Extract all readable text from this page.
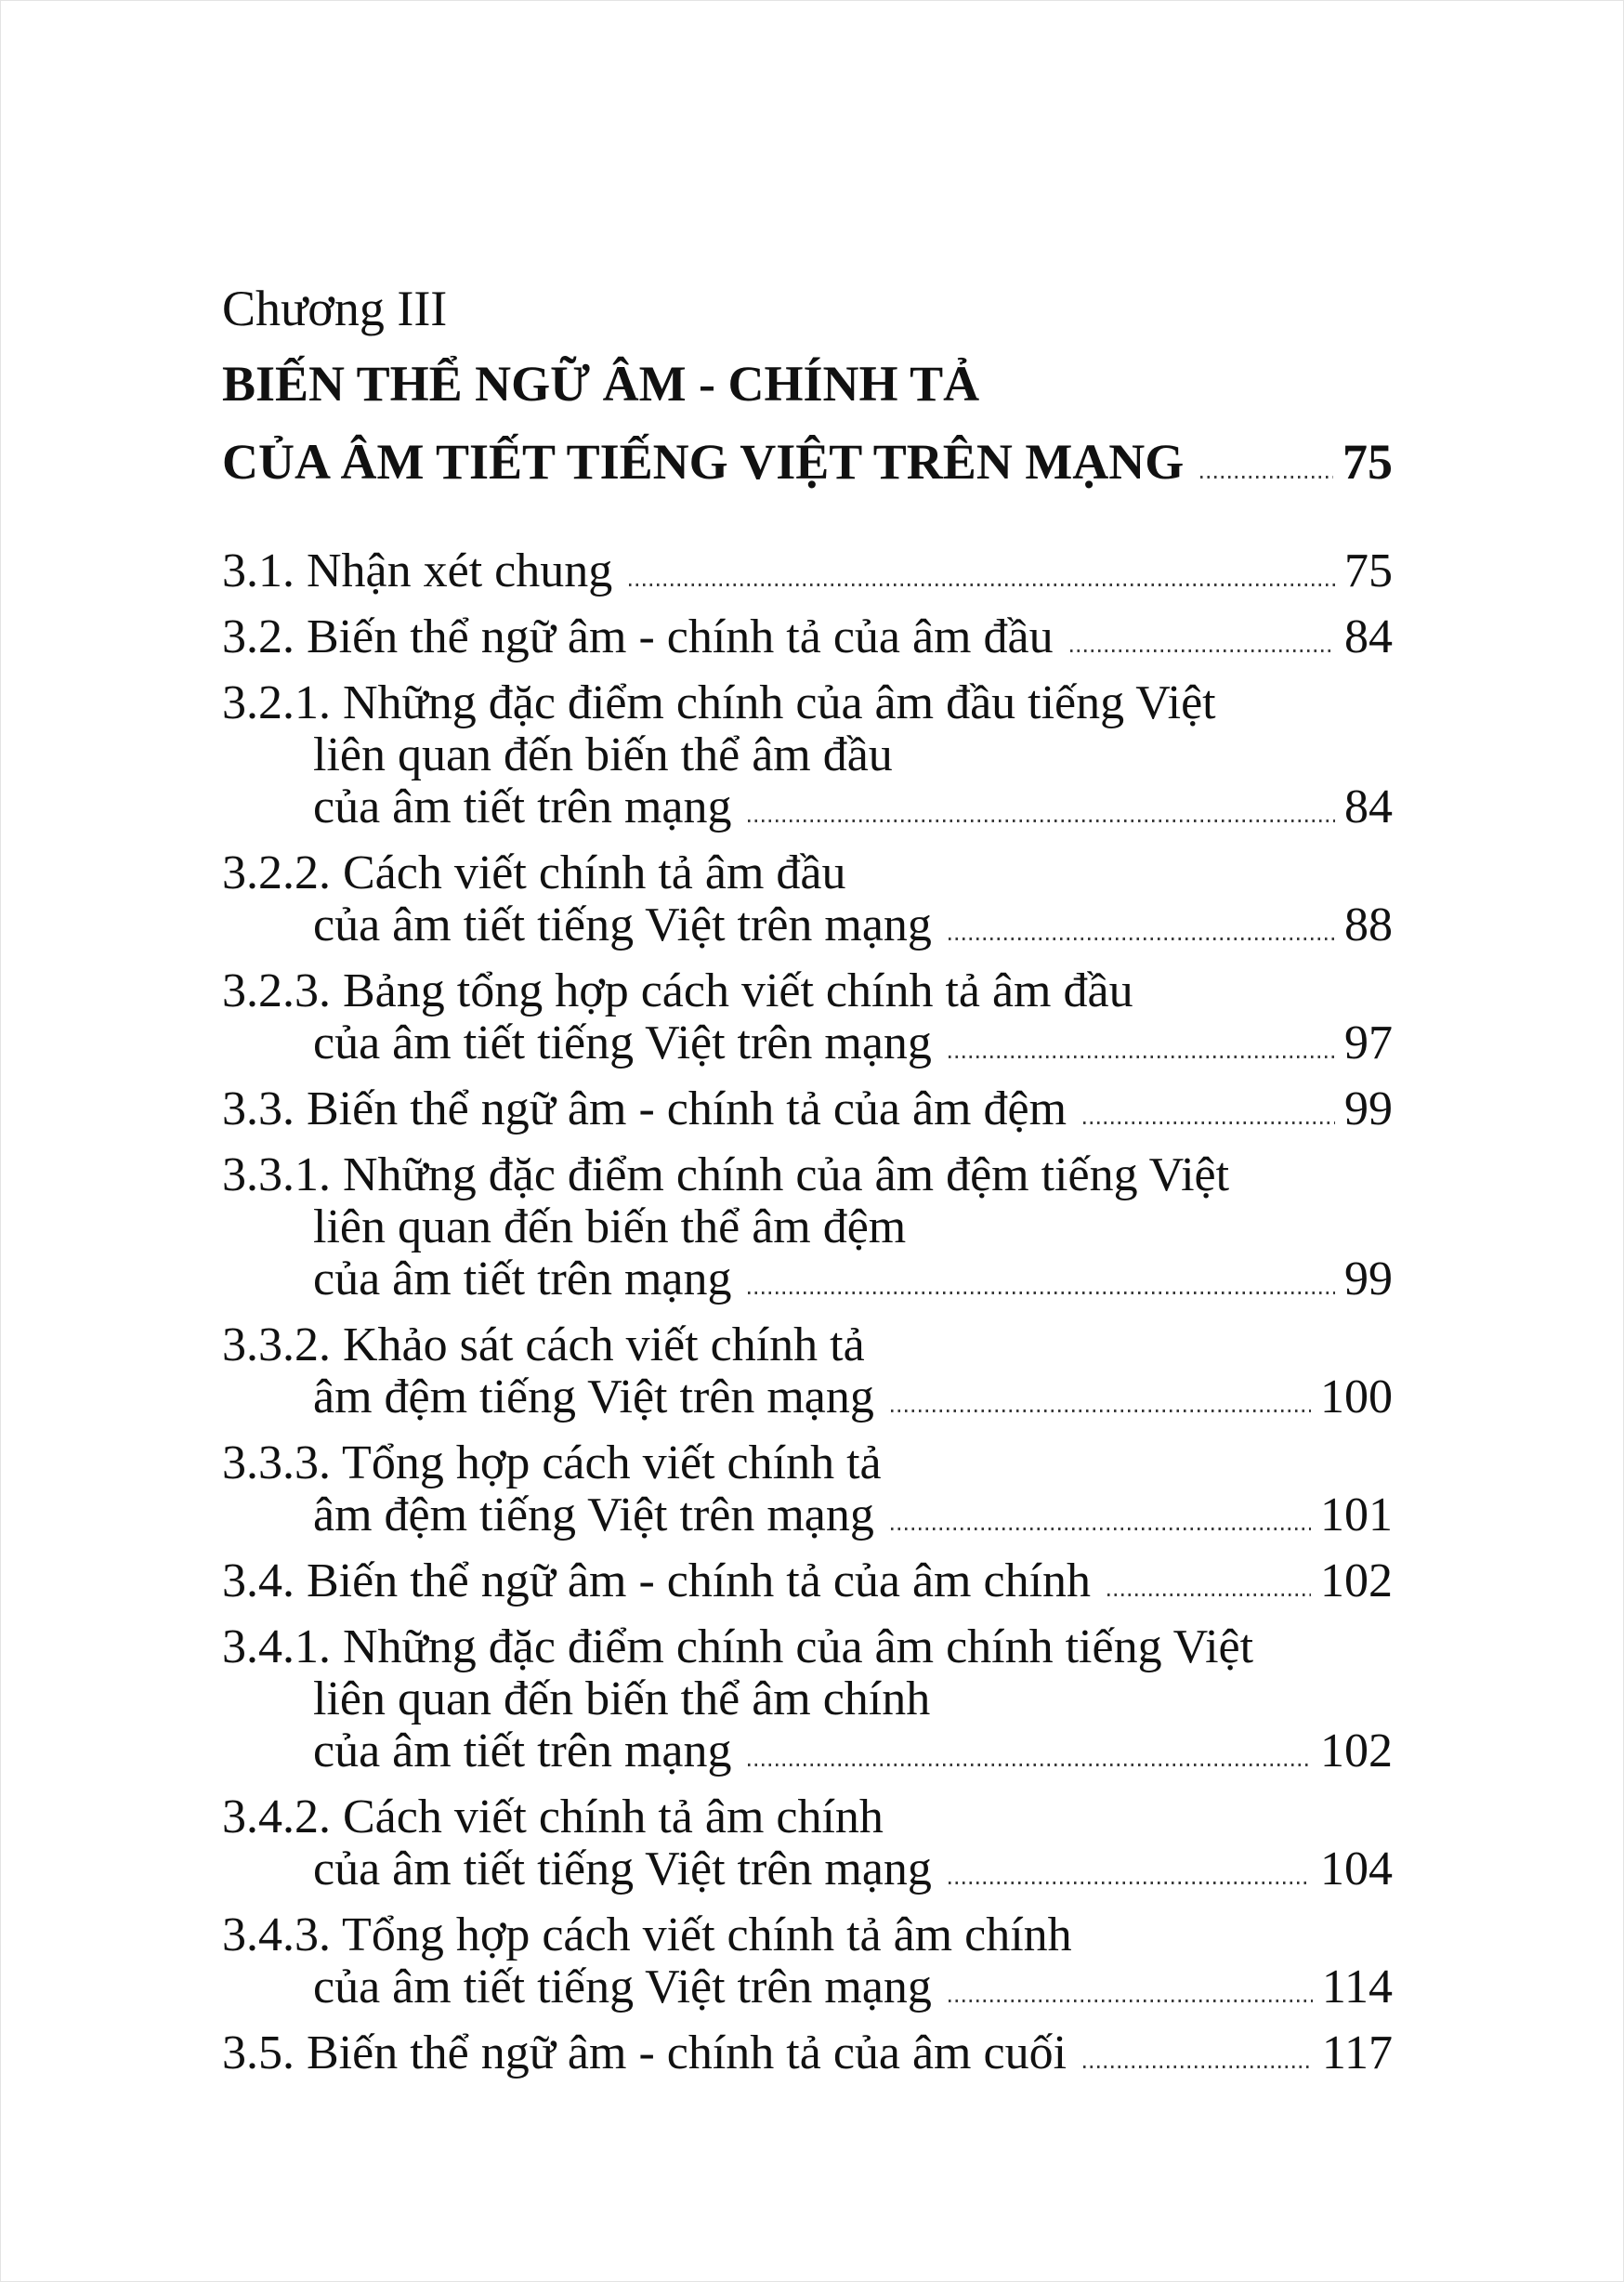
Chương III
BIẾN THỂ NGỮ ÂM - CHÍNH TẢ
CỦA ÂM TIẾT TIẾNG VIỆT TRÊN MẠNG	75
3.1. Nhận xét chung	75
3.2. Biến thể ngữ âm - chính tả của âm đầu	84
3.2.1. Những đặc điểm chính của âm đầu tiếng Việt
liên quan đến biến thể âm đầu
của âm tiết trên mạng	84
3.2.2. Cách viết chính tả âm đầu
của âm tiết tiếng Việt trên mạng	88
3.2.3. Bảng tổng hợp cách viết chính tả âm đầu
của âm tiết tiếng Việt trên mạng	97
3.3. Biến thể ngữ âm - chính tả của âm đệm	99
3.3.1. Những đặc điểm chính của âm đệm tiếng Việt
liên quan đến biến thể âm đệm
của âm tiết trên mạng	99
3.3.2. Khảo sát cách viết chính tả
âm đệm tiếng Việt trên mạng	100
3.3.3. Tổng hợp cách viết chính tả
âm đệm tiếng Việt trên mạng	101
3.4. Biến thể ngữ âm - chính tả của âm chính	102
3.4.1. Những đặc điểm chính của âm chính tiếng Việt
liên quan đến biến thể âm chính
của âm tiết trên mạng	102
3.4.2. Cách viết chính tả âm chính
của âm tiết tiếng Việt trên mạng	104
3.4.3. Tổng hợp cách viết chính tả âm chính
của âm tiết tiếng Việt trên mạng	114
3.5. Biến thể ngữ âm - chính tả của âm cuối	117
